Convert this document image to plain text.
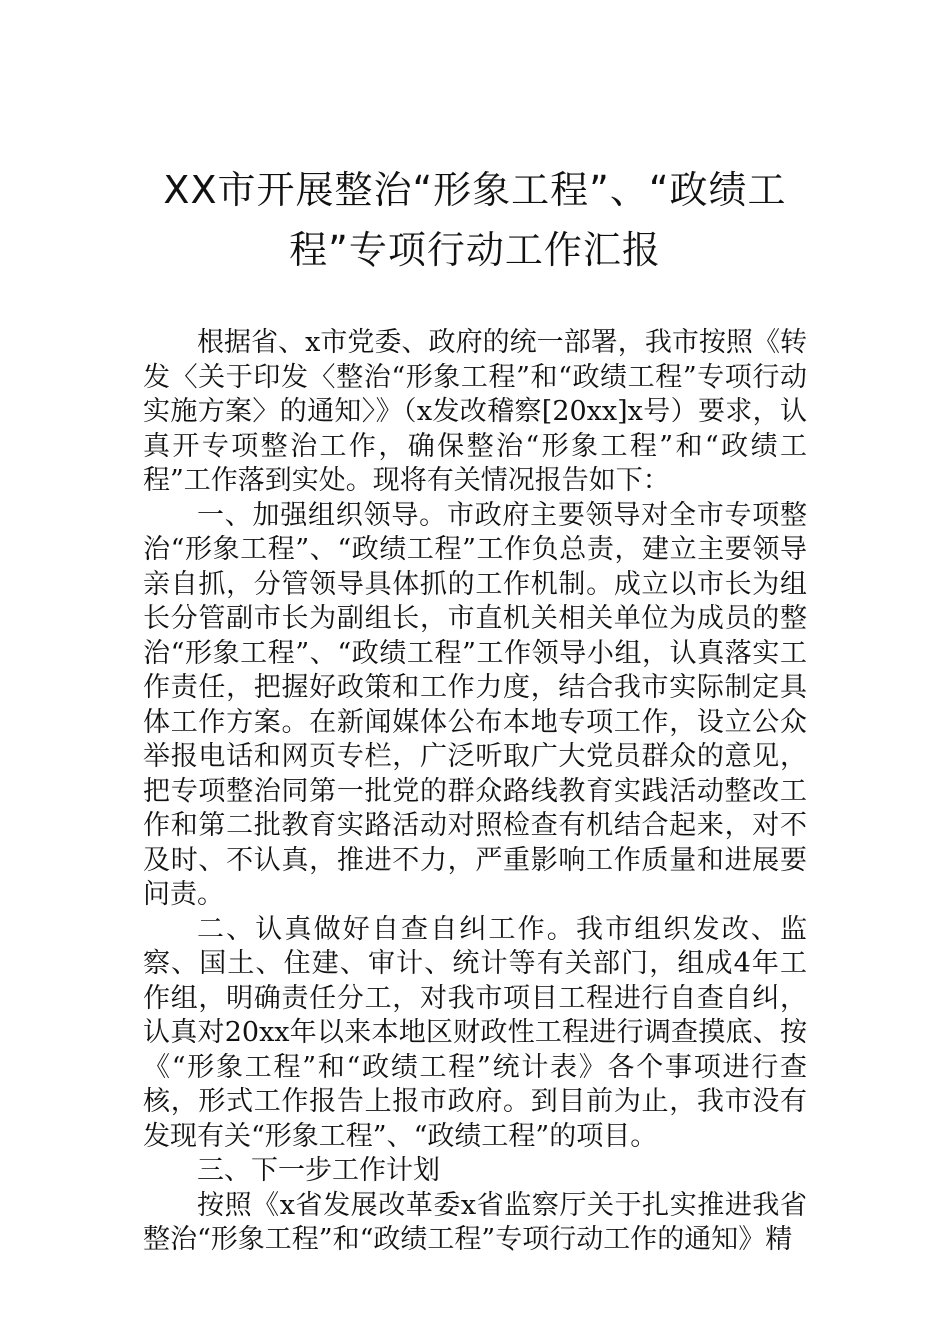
XX市开展整治“形象工程”、“政绩工
程”专项行动工作汇报

根据省、x市党委、政府的统一部署，我市按照《转发〈关于印发〈整治“形象工程”和“政绩工程”专项行动实施方案〉的通知〉》（x发改稽察[20xx]x号）要求，认真开专项整治工作，确保整治“形象工程”和“政绩工程”工作落到实处。现将有关情况报告如下：

一、加强组织领导。市政府主要领导对全市专项整治“形象工程”、“政绩工程”工作负总责，建立主要领导亲自抓，分管领导具体抓的工作机制。成立以市长为组长分管副市长为副组长，市直机关相关单位为成员的整治“形象工程”、“政绩工程”工作领导小组，认真落实工作责任，把握好政策和工作力度，结合我市实际制定具体工作方案。在新闻媒体公布本地专项工作，设立公众举报电话和网页专栏，广泛听取广大党员群众的意见，把专项整治同第一批党的群众路线教育实践活动整改工作和第二批教育实路活动对照检查有机结合起来，对不及时、不认真，推进不力，严重影响工作质量和进展要问责。

二、认真做好自查自纠工作。我市组织发改、监察、国土、住建、审计、统计等有关部门，组成4年工作组，明确责任分工，对我市项目工程进行自查自纠，认真对20xx年以来本地区财政性工程进行调查摸底、按《“形象工程”和“政绩工程”统计表》各个事项进行查核，形式工作报告上报市政府。到目前为止，我市没有发现有关“形象工程”、“政绩工程”的项目。

三、下一步工作计划

按照《x省发展改革委x省监察厅关于扎实推进我省整治“形象工程”和“政绩工程”专项行动工作的通知》精
